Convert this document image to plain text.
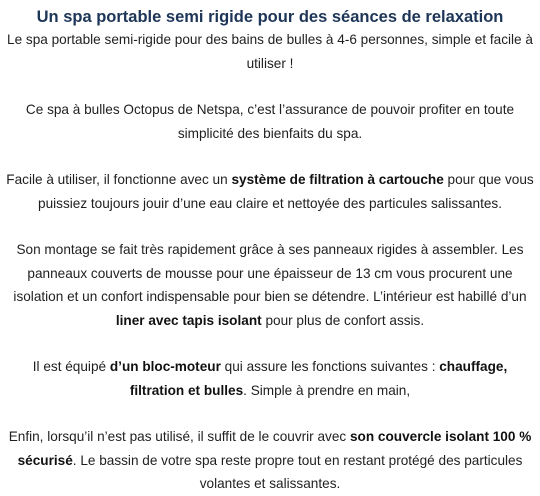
Un spa portable semi rigide pour des séances de relaxation

Le spa portable semi-rigide pour des bains de bulles à 4-6 personnes, simple et facile à utiliser !

Ce spa à bulles Octopus de Netspa, c’est l’assurance de pouvoir profiter en toute simplicité des bienfaits du spa.

Facile à utiliser, il fonctionne avec un système de filtration à cartouche pour que vous puissiez toujours jouir d’une eau claire et nettoyée des particules salissantes.

Son montage se fait très rapidement grâce à ses panneaux rigides à assembler. Les panneaux couverts de mousse pour une épaisseur de 13 cm vous procurent une isolation et un confort indispensable pour bien se détendre. L’intérieur est habillé d’un liner avec tapis isolant pour plus de confort assis.

Il est équipé d’un bloc-moteur qui assure les fonctions suivantes : chauffage, filtration et bulles. Simple à prendre en main,

Enfin, lorsqu’il n’est pas utilisé, il suffit de le couvrir avec son couvercle isolant 100 % sécurisé. Le bassin de votre spa reste propre tout en restant protégé des particules volantes et salissantes.
